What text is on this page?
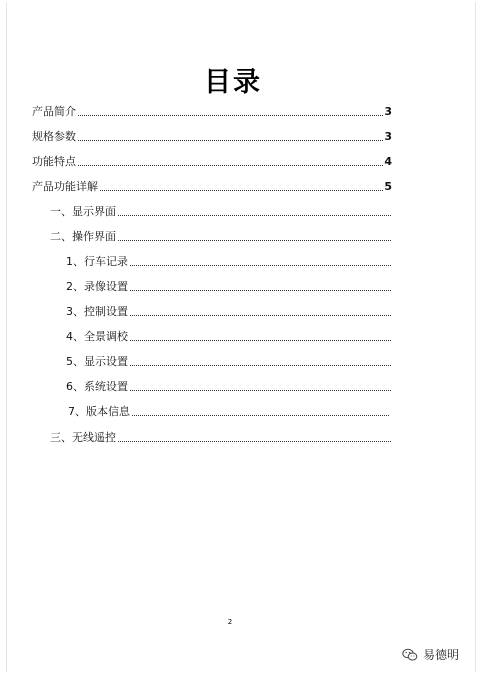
目录
产品简介	3
规格参数	3
功能特点	4
产品功能详解	5
一、显示界面
二、操作界面
1、行车记录
2、录像设置
3、控制设置
4、全景调校
5、显示设置
6、系统设置
7、版本信息
三、无线遥控
2
易德明
